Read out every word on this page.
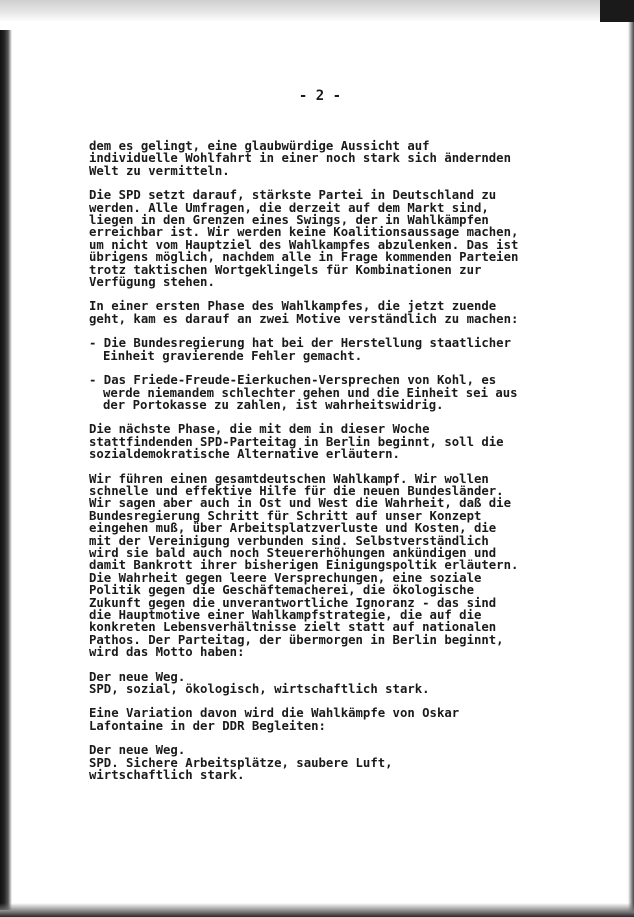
- 2 -
dem es gelingt, eine glaubwürdige Aussicht auf
individuelle Wohlfahrt in einer noch stark sich ändernden
Welt zu vermitteln.
Die SPD setzt darauf, stärkste Partei in Deutschland zu
werden. Alle Umfragen, die derzeit auf dem Markt sind,
liegen in den Grenzen eines Swings, der in Wahlkämpfen
erreichbar ist. Wir werden keine Koalitionsaussage machen,
um nicht vom Hauptziel des Wahlkampfes abzulenken. Das ist
übrigens möglich, nachdem alle in Frage kommenden Parteien
trotz taktischen Wortgeklingels für Kombinationen zur
Verfügung stehen.
In einer ersten Phase des Wahlkampfes, die jetzt zuende
geht, kam es darauf an zwei Motive verständlich zu machen:
- Die Bundesregierung hat bei der Herstellung staatlicher
Einheit gravierende Fehler gemacht.
- Das Friede-Freude-Eierkuchen-Versprechen von Kohl, es
werde niemandem schlechter gehen und die Einheit sei aus
der Portokasse zu zahlen, ist wahrheitswidrig.
Die nächste Phase, die mit dem in dieser Woche
stattfindenden SPD-Parteitag in Berlin beginnt, soll die
sozialdemokratische Alternative erläutern.
Wir führen einen gesamtdeutschen Wahlkampf. Wir wollen
schnelle und effektive Hilfe für die neuen Bundesländer.
Wir sagen aber auch in Ost und West die Wahrheit, daß die
Bundesregierung Schritt für Schritt auf unser Konzept
eingehen muß, über Arbeitsplatzverluste und Kosten, die
mit der Vereinigung verbunden sind. Selbstverständlich
wird sie bald auch noch Steuererhöhungen ankündigen und
damit Bankrott ihrer bisherigen Einigungspoltik erläutern.
Die Wahrheit gegen leere Versprechungen, eine soziale
Politik gegen die Geschäftemacherei, die ökologische
Zukunft gegen die unverantwortliche Ignoranz - das sind
die Hauptmotive einer Wahlkampfstrategie, die auf die
konkreten Lebensverhältnisse zielt statt auf nationalen
Pathos. Der Parteitag, der übermorgen in Berlin beginnt,
wird das Motto haben:
Der neue Weg.
SPD, sozial, ökologisch, wirtschaftlich stark.
Eine Variation davon wird die Wahlkämpfe von Oskar
Lafontaine in der DDR Begleiten:
Der neue Weg.
SPD. Sichere Arbeitsplätze, saubere Luft,
wirtschaftlich stark.
